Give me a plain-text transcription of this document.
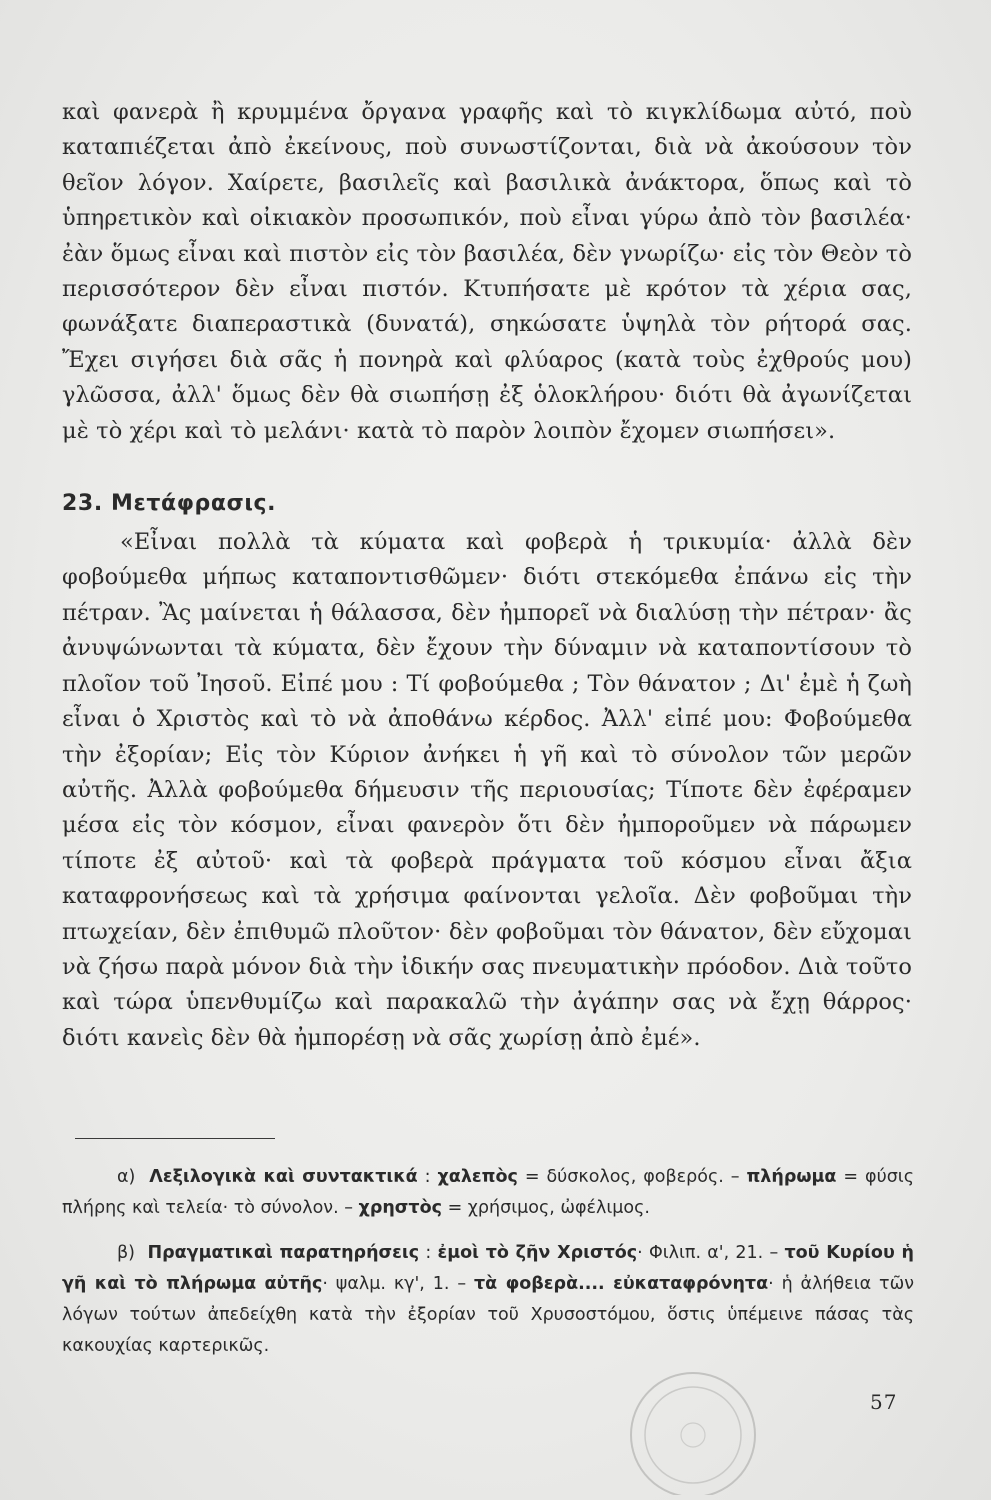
καὶ φανερὰ ἢ κρυμμένα ὄργανα γραφῆς καὶ τὸ κιγκλίδωμα αὐτό, ποὺ καταπιέζεται ἀπὸ ἐκείνους, ποὺ συνωστίζονται, διὰ νὰ ἀκούσουν τὸν θεῖον λόγον. Χαίρετε, βασιλεῖς καὶ βασιλικὰ ἀνάκτορα, ὅπως καὶ τὸ ὑπηρετικὸν καὶ οἰκιακὸν προσωπικόν, ποὺ εἶναι γύρω ἀπὸ τὸν βασιλέα· ἐὰν ὅμως εἶναι καὶ πιστὸν εἰς τὸν βασιλέα, δὲν γνωρίζω· εἰς τὸν Θεὸν τὸ περισσότερον δὲν εἶναι πιστόν. Κτυπήσατε μὲ κρότον τὰ χέρια σας, φωνάξατε διαπεραστικὰ (δυνατά), σηκώσατε ὑψηλὰ τὸν ρήτορά σας. Ἔχει σιγήσει διὰ σᾶς ἡ πονηρὰ καὶ φλύαρος (κατὰ τοὺς ἐχθρούς μου) γλῶσσα, ἀλλ' ὅμως δὲν θὰ σιωπήσῃ ἐξ ὁλοκλήρου· διότι θὰ ἀγωνίζεται μὲ τὸ χέρι καὶ τὸ μελάνι· κατὰ τὸ παρὸν λοιπὸν ἔχομεν σιωπήσει».

23. Μετάφρασις.

«Εἶναι πολλὰ τὰ κύματα καὶ φοβερὰ ἡ τρικυμία· ἀλλὰ δὲν φοβούμεθα μήπως καταποντισθῶμεν· διότι στεκόμεθα ἐπάνω εἰς τὴν πέτραν. Ἂς μαίνεται ἡ θάλασσα, δὲν ἠμπορεῖ νὰ διαλύσῃ τὴν πέτραν· ἂς ἀνυψώνωνται τὰ κύματα, δὲν ἔχουν τὴν δύναμιν νὰ καταποντίσουν τὸ πλοῖον τοῦ Ἰησοῦ. Εἰπέ μου : Τί φοβούμεθα ; Τὸν θάνατον ; Δι' ἐμὲ ἡ ζωὴ εἶναι ὁ Χριστὸς καὶ τὸ νὰ ἀποθάνω κέρδος. Ἀλλ' εἰπέ μου: Φοβούμεθα τὴν ἐξορίαν; Εἰς τὸν Κύριον ἀνήκει ἡ γῆ καὶ τὸ σύνολον τῶν μερῶν αὐτῆς. Ἀλλὰ φοβούμεθα δήμευσιν τῆς περιουσίας; Τίποτε δὲν ἐφέραμεν μέσα εἰς τὸν κόσμον, εἶναι φανερὸν ὅτι δὲν ἠμποροῦμεν νὰ πάρωμεν τίποτε ἐξ αὐτοῦ· καὶ τὰ φοβερὰ πράγματα τοῦ κόσμου εἶναι ἄξια καταφρονήσεως καὶ τὰ χρήσιμα φαίνονται γελοῖα. Δὲν φοβοῦμαι τὴν πτωχείαν, δὲν ἐπιθυμῶ πλοῦτον· δὲν φοβοῦμαι τὸν θάνατον, δὲν εὔχομαι νὰ ζήσω παρὰ μόνον διὰ τὴν ἰδικήν σας πνευματικὴν πρόοδον. Διὰ τοῦτο καὶ τώρα ὑπενθυμίζω καὶ παρακαλῶ τὴν ἀγάπην σας νὰ ἔχῃ θάρρος· διότι κανεὶς δὲν θὰ ἠμπορέσῃ νὰ σᾶς χωρίσῃ ἀπὸ ἐμέ».

α) Λεξιλογικὰ καὶ συντακτικά : χαλεπὸς = δύσκολος, φοβερός. – πλήρωμα = φύσις πλήρης καὶ τελεία· τὸ σύνολον. – χρηστὸς = χρήσιμος, ὠφέλιμος.

β) Πραγματικαὶ παρατηρήσεις : ἐμοὶ τὸ ζῆν Χριστός· Φιλιπ. α', 21. – τοῦ Κυρίου ἡ γῆ καὶ τὸ πλήρωμα αὐτῆς· ψαλμ. κγ', 1. – τὰ φοβερὰ.... εὐκαταφρόνητα· ἡ ἀλήθεια τῶν λόγων τούτων ἀπεδείχθη κατὰ τὴν ἐξορίαν τοῦ Χρυσοστόμου, ὅστις ὑπέμεινε πάσας τὰς κακουχίας καρτερικῶς.

57
